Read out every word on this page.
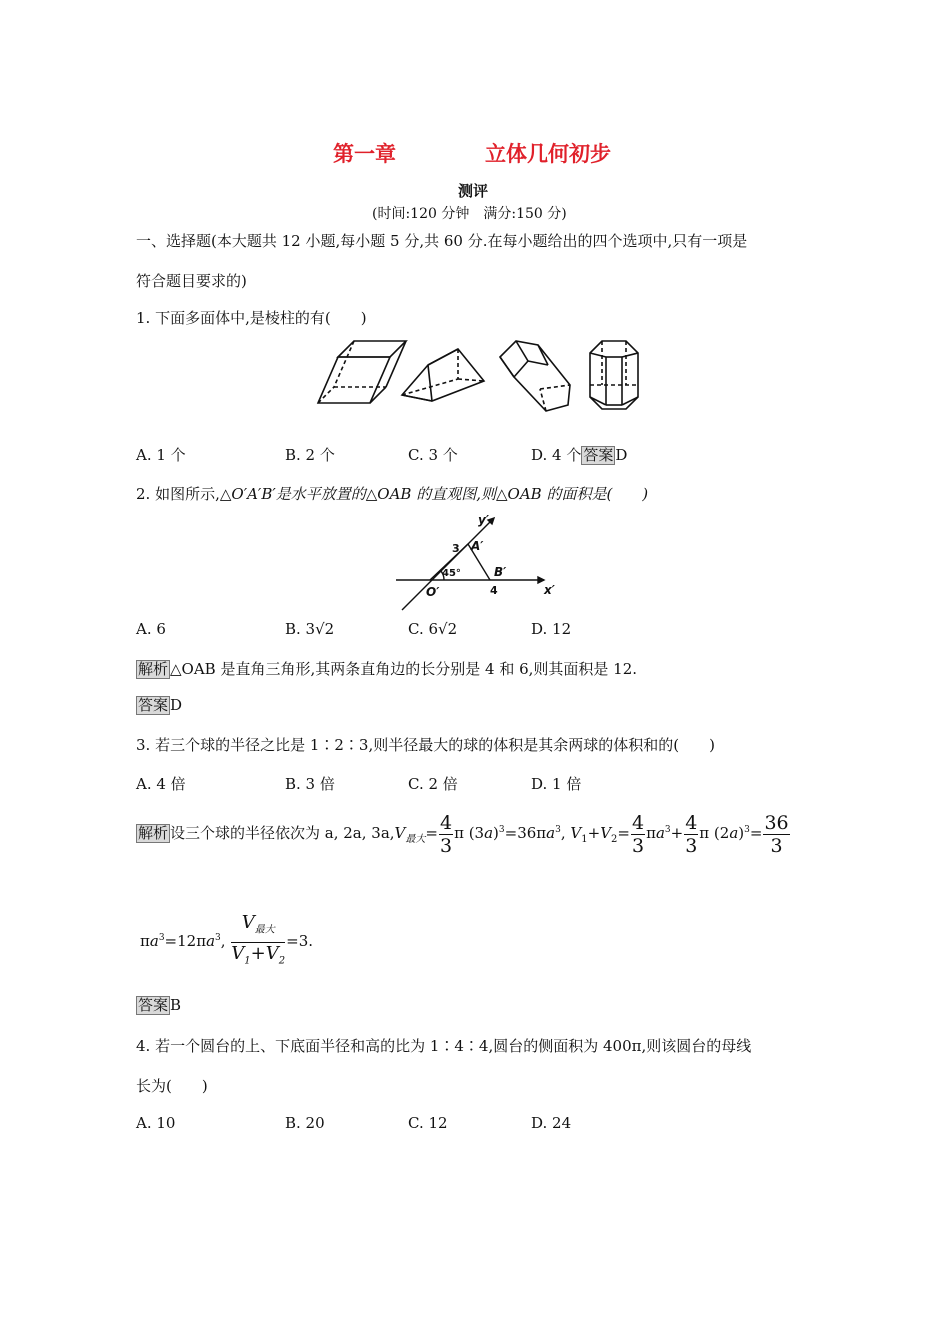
第一章	立体几何初步
测评
(时间:120 分钟　满分:150 分)
一、选择题(本大题共 12 小题,每小题 5 分,共 60 分.在每小题给出的四个选项中,只有一项是
符合题目要求的)
1. 下面多面体中,是棱柱的有(　　)
A. 1 个	B. 2 个	C. 3 个	D. 4 个 答案 D
2. 如图所示,△O′A′B′是水平放置的△OAB 的直观图,则△OAB 的面积是(　　)
y′
A′
3
45°	B′
O′	4	x′
A. 6	B. 3√2	C. 6√2	D. 12
解析 △OAB 是直角三角形,其两条直角边的长分别是 4 和 6,则其面积是 12.
答案 D
3. 若三个球的半径之比是 1∶2∶3,则半径最大的球的体积是其余两球的体积和的(　　)
A. 4 倍	B. 3 倍	C. 2 倍	D. 1 倍
解析 设三个球的半径依次为 a, 2a, $3a,V_{最大}= \frac{4}{3}$ π $(3a)^3=36\pi a^3$, $V_1+V_2= \frac{4}{3} \pi a^3+ \frac{4}{3}$ π $(2a)^3= \frac{36}{3}$
$\pi a^3=12\pi a^3$, $\frac{V_{最大}}{V_1+V_2} =3$.
答案 B
4. 若一个圆台的上、下底面半径和高的比为 1∶4∶4,圆台的侧面积为 400π,则该圆台的母线
长为(　　)
A. 10	B. 20	C. 12	D. 24
